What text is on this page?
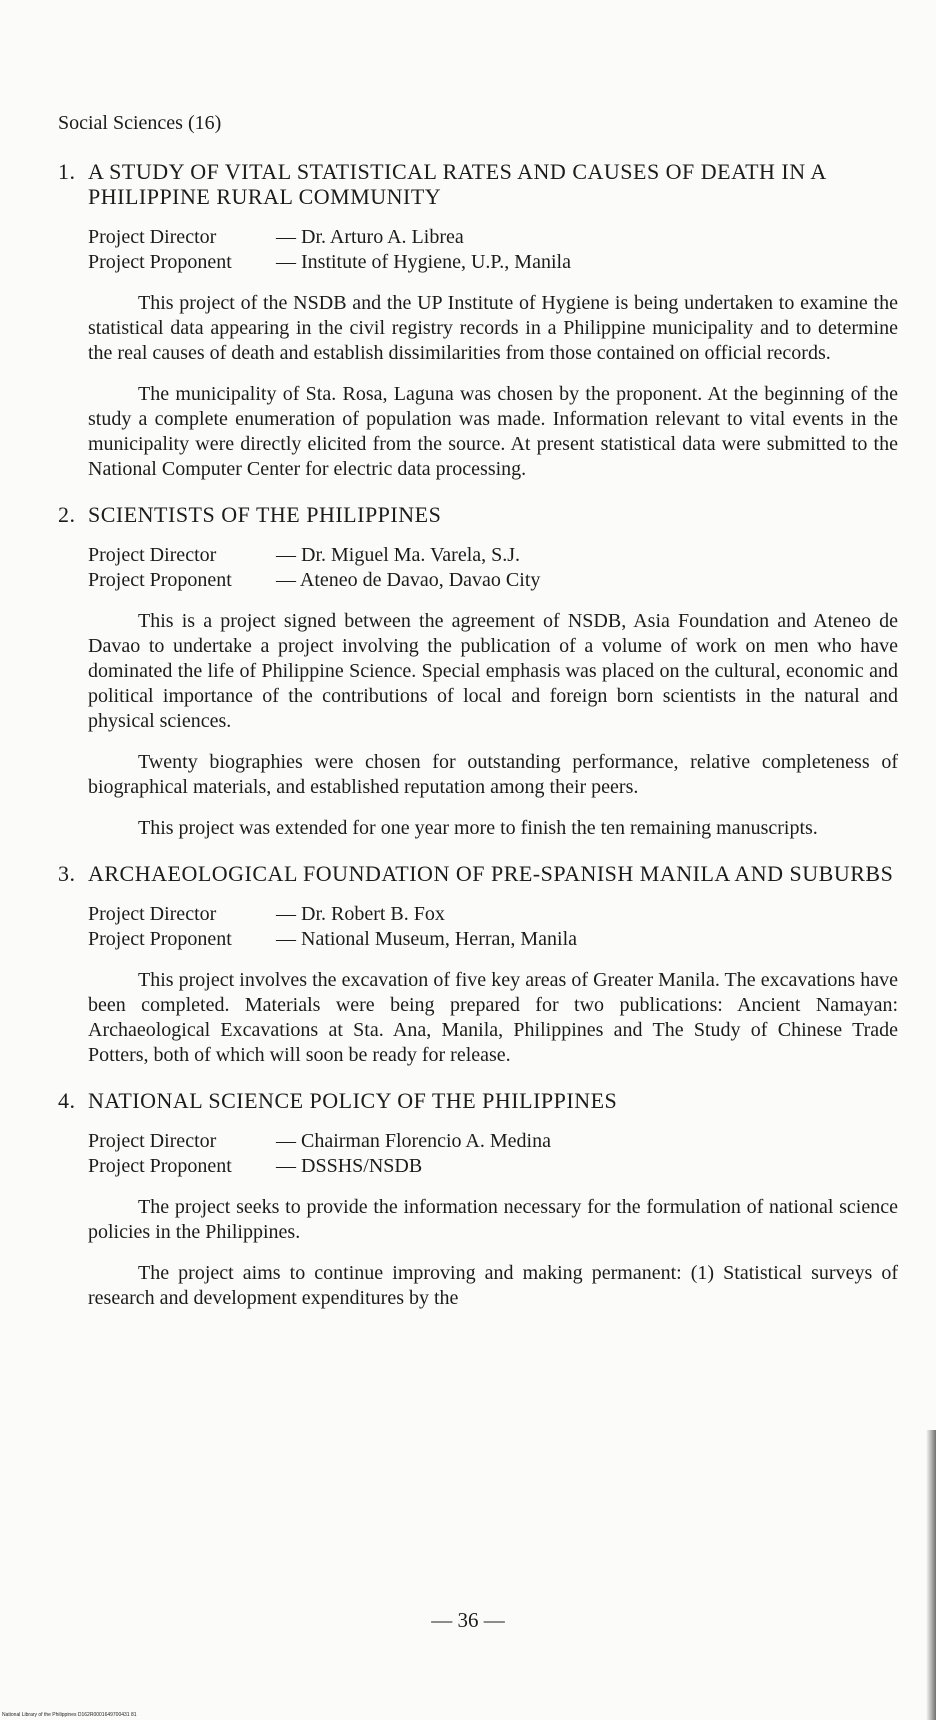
Social Sciences (16)
1. A STUDY OF VITAL STATISTICAL RATES AND CAUSES OF DEATH IN A PHILIPPINE RURAL COMMUNITY
Project Director	— Dr. Arturo A. Librea
Project Proponent	— Institute of Hygiene, U.P., Manila

This project of the NSDB and the UP Institute of Hygiene is being undertaken to examine the statistical data appearing in the civil registry records in a Philippine municipality and to determine the real causes of death and establish dissimilarities from those contained on official records.

The municipality of Sta. Rosa, Laguna was chosen by the proponent. At the beginning of the study a complete enumeration of population was made. Information relevant to vital events in the municipality were directly elicited from the source. At present statistical data were submitted to the National Computer Center for electric data processing.

2. SCIENTISTS OF THE PHILIPPINES
Project Director	— Dr. Miguel Ma. Varela, S.J.
Project Proponent	— Ateneo de Davao, Davao City

This is a project signed between the agreement of NSDB, Asia Foundation and Ateneo de Davao to undertake a project involving the publication of a volume of work on men who have dominated the life of Philippine Science. Special emphasis was placed on the cultural, economic and political importance of the contributions of local and foreign born scientists in the natural and physical sciences.

Twenty biographies were chosen for outstanding performance, relative completeness of biographical materials, and established reputation among their peers.

This project was extended for one year more to finish the ten remaining manuscripts.

3. ARCHAEOLOGICAL FOUNDATION OF PRE-SPANISH MANILA AND SUBURBS
Project Director	— Dr. Robert B. Fox
Project Proponent	— National Museum, Herran, Manila

This project involves the excavation of five key areas of Greater Manila. The excavations have been completed. Materials were being prepared for two publications: Ancient Namayan: Archaeological Excavations at Sta. Ana, Manila, Philippines and The Study of Chinese Trade Potters, both of which will soon be ready for release.

4. NATIONAL SCIENCE POLICY OF THE PHILIPPINES
Project Director	— Chairman Florencio A. Medina
Project Proponent	— DSSHS/NSDB

The project seeks to provide the information necessary for the formulation of national science policies in the Philippines.

The project aims to continue improving and making permanent: (1) Statistical surveys of research and development expenditures by the

— 36 —
National Library of the Philippines D162R0001649700431 81
